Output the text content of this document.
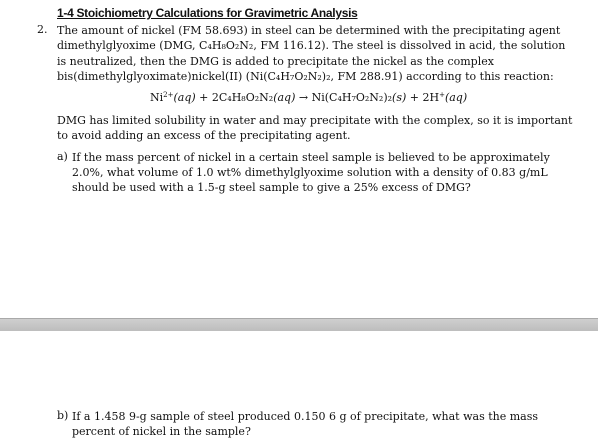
1-4 Stoichiometry Calculations for Gravimetric Analysis
2. The amount of nickel (FM 58.693) in steel can be determined with the precipitating agent dimethylglyoxime (DMG, C₄H₈O₂N₂, FM 116.12). The steel is dissolved in acid, the solution is neutralized, then the DMG is added to precipitate the nickel as the complex bis(dimethylglyoximate)nickel(II) (Ni(C₄H₇O₂N₂)₂, FM 288.91) according to this reaction:
$Ni^{2+}(aq) + 2C_4H_8O_2N_2(aq) \to Ni(C_4H_7O_2N_2)_2(s) + 2H^+(aq)$
DMG has limited solubility in water and may precipitate with the complex, so it is important to avoid adding an excess of the precipitating agent.
a) If the mass percent of nickel in a certain steel sample is believed to be approximately 2.0%, what volume of 1.0 wt% dimethylglyoxime solution with a density of 0.83 g/mL should be used with a 1.5-g steel sample to give a 25% excess of DMG?
b) If a 1.458 9-g sample of steel produced 0.150 6 g of precipitate, what was the mass percent of nickel in the sample?
